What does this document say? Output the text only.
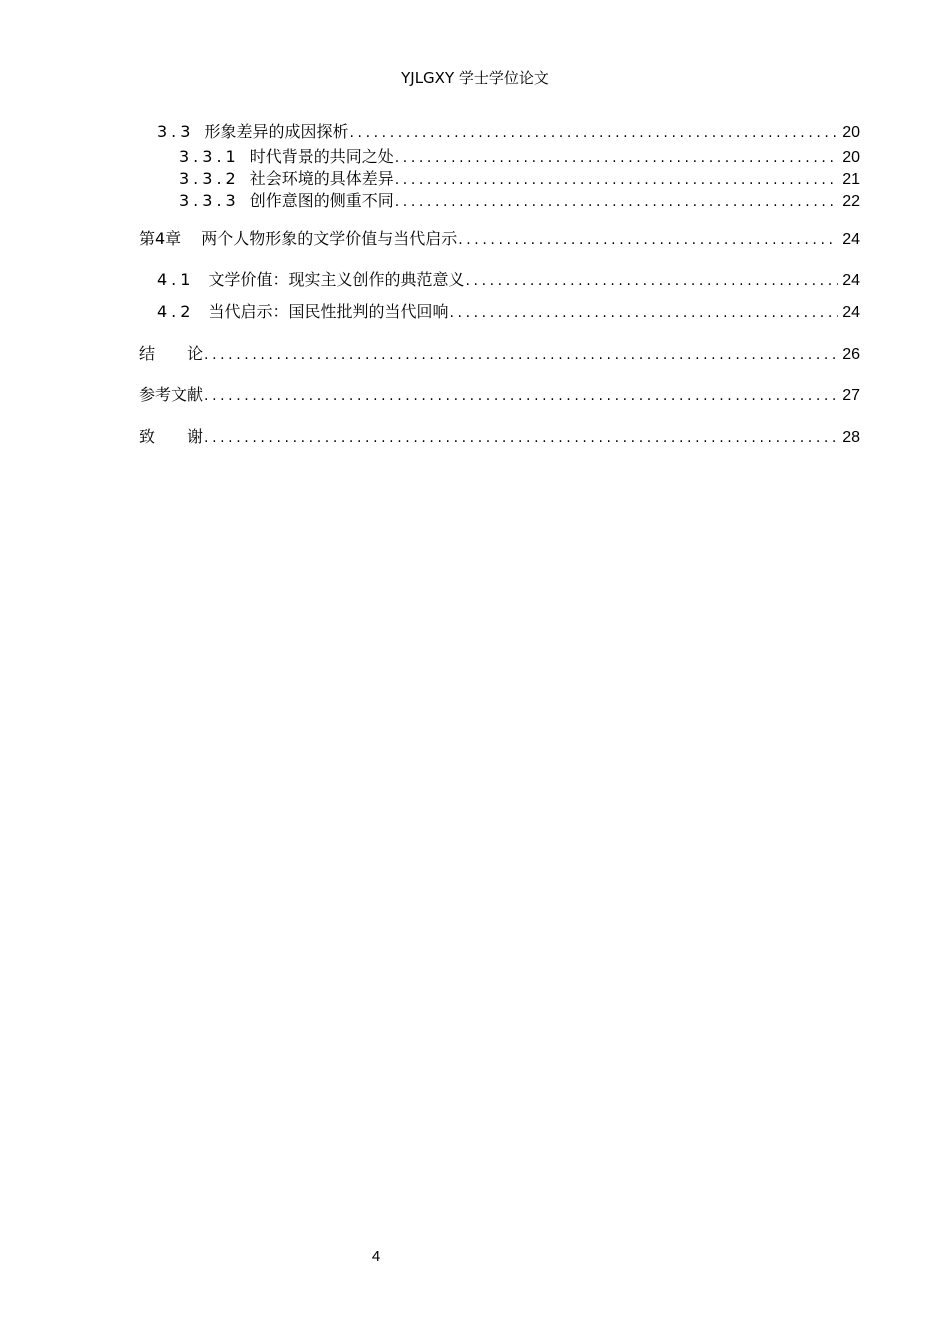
YJLGXY 学士学位论文
3.3 形象差异的成因探析 .....	20
3.3.1 时代背景的共同之处 .....	20
3.3.2 社会环境的具体差异 .....	21
3.3.3 创作意图的侧重不同 .....	22
第4章 两个人物形象的文学价值与当代启示 .....	24
4.1 文学价值：现实主义创作的典范意义 .....	24
4.2 当代启示：国民性批判的当代回响 .....	24
结　　论 .....	26
参考文献 .....	27
致　　谢 .....	28
4
